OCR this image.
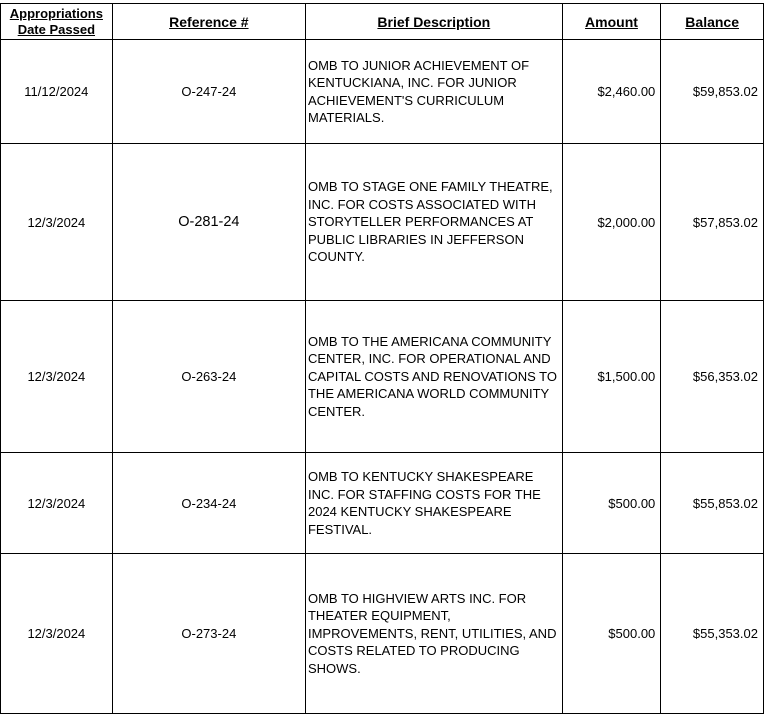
Appropriations
Date Passed	Reference #	Brief Description	Amount	Balance
11/12/2024	O-247-24	OMB TO JUNIOR ACHIEVEMENT OF KENTUCKIANA, INC. FOR JUNIOR ACHIEVEMENT'S CURRICULUM MATERIALS.	$2,460.00	$59,853.02
12/3/2024	O-281-24	OMB TO STAGE ONE FAMILY THEATRE, INC. FOR COSTS ASSOCIATED WITH STORYTELLER PERFORMANCES AT PUBLIC LIBRARIES IN JEFFERSON COUNTY.	$2,000.00	$57,853.02
12/3/2024	O-263-24	OMB TO THE AMERICANA COMMUNITY CENTER, INC. FOR OPERATIONAL AND CAPITAL COSTS AND RENOVATIONS TO THE AMERICANA WORLD COMMUNITY CENTER.	$1,500.00	$56,353.02
12/3/2024	O-234-24	OMB TO KENTUCKY SHAKESPEARE INC. FOR STAFFING COSTS FOR THE 2024 KENTUCKY SHAKESPEARE FESTIVAL.	$500.00	$55,853.02
12/3/2024	O-273-24	OMB TO HIGHVIEW ARTS INC. FOR THEATER EQUIPMENT, IMPROVEMENTS, RENT, UTILITIES, AND COSTS RELATED TO PRODUCING SHOWS.	$500.00	$55,353.02
